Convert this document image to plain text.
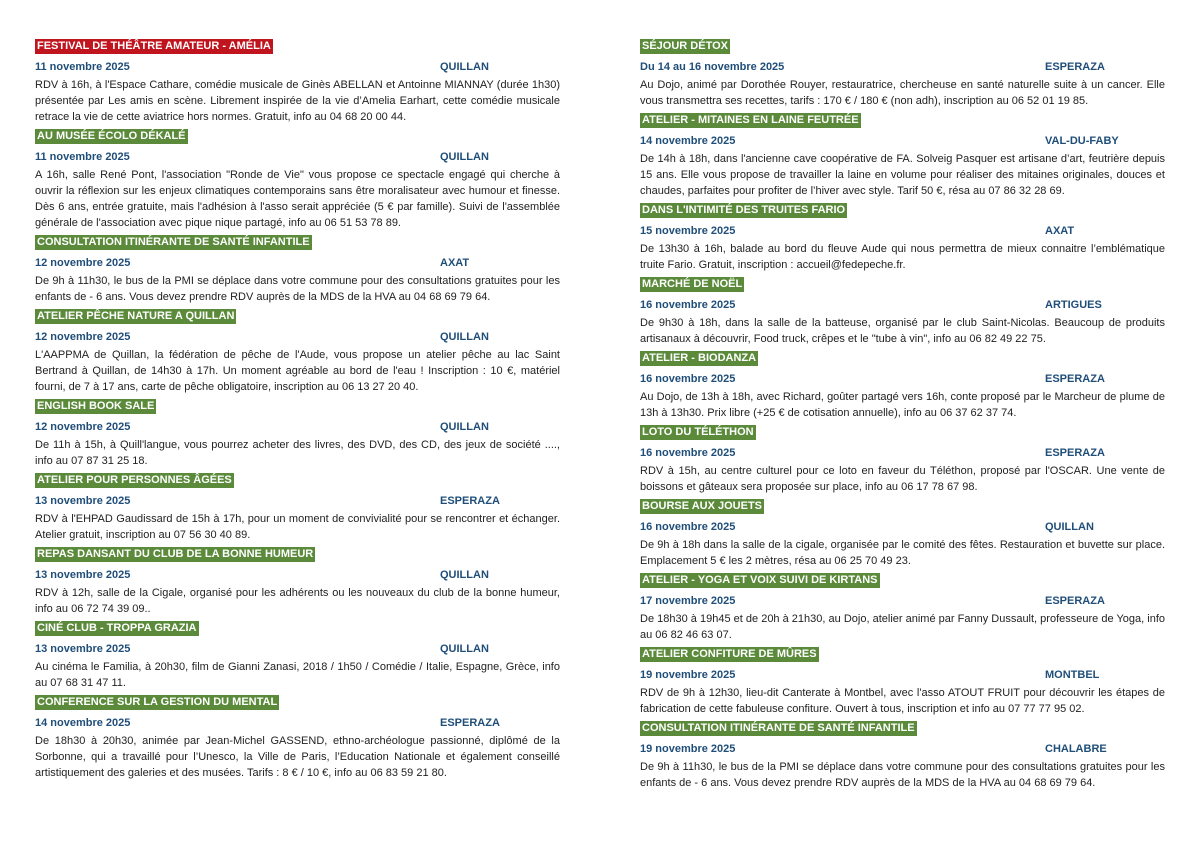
FESTIVAL DE THÉÂTRE AMATEUR - AMÉLIA
11 novembre 2025	QUILLAN

RDV à 16h, à l'Espace Cathare, comédie musicale de Ginès ABELLAN et Antoinne MIANNAY (durée 1h30) présentée par Les amis en scène. Librement inspirée de la vie d’Amelia Earhart, cette comédie musicale retrace la vie de cette aviatrice hors normes. Gratuit, info au 04 68 20 00 44.

AU MUSÉE ÉCOLO DÉKALÉ
11 novembre 2025	QUILLAN

A 16h, salle René Pont, l'association "Ronde de Vie" vous propose ce spectacle engagé qui cherche à ouvrir la réflexion sur les enjeux climatiques contemporains sans être moralisateur avec humour et finesse. Dès 6 ans, entrée gratuite, mais l'adhésion à l'asso serait appréciée (5 € par famille). Suivi de l'assemblée générale de l'association avec pique nique partagé, info au 06 51 53 78 89.

CONSULTATION ITINÉRANTE DE SANTÉ INFANTILE
12 novembre 2025	AXAT

De 9h à 11h30, le bus de la PMI se déplace dans votre commune pour des consultations gratuites pour les enfants de - 6 ans. Vous devez prendre RDV auprès de la MDS de la HVA au 04 68 69 79 64.

ATELIER PÊCHE NATURE A QUILLAN
12 novembre 2025	QUILLAN

L'AAPPMA de Quillan, la fédération de pêche de l'Aude, vous propose un atelier pêche au lac Saint Bertrand à Quillan, de 14h30 à 17h. Un moment agréable au bord de l'eau ! Inscription : 10 €, matériel fourni, de 7 à 17 ans, carte de pêche obligatoire, inscription au 06 13 27 20 40.

ENGLISH BOOK SALE
12 novembre 2025	QUILLAN

De 11h à 15h, à Quill'langue, vous pourrez acheter des livres, des DVD, des CD, des jeux de société ...., info au 07 87 31 25 18.

ATELIER POUR PERSONNES ÂGÉES
13 novembre 2025	ESPERAZA

RDV à l'EHPAD Gaudissard de 15h à 17h, pour un moment de convivialité pour se rencontrer et échanger. Atelier gratuit, inscription au 07 56 30 40 89.

REPAS DANSANT DU CLUB DE LA BONNE HUMEUR
13 novembre 2025	QUILLAN

RDV à 12h, salle de la Cigale, organisé pour les adhérents ou les nouveaux du club de la bonne humeur, info au 06 72 74 39 09..

CINÉ CLUB - TROPPA GRAZIA
13 novembre 2025	QUILLAN

Au cinéma le Familia, à 20h30, film de Gianni Zanasi, 2018 / 1h50 / Comédie / Italie, Espagne, Grèce, info au 07 68 31 47 11.

CONFERENCE SUR LA GESTION DU MENTAL
14 novembre 2025	ESPERAZA

De 18h30 à 20h30, animée par Jean-Michel GASSEND, ethno-archéologue passionné, diplômé de la Sorbonne, qui a travaillé pour l’Unesco, la Ville de Paris, l’Education Nationale et également conseillé artistiquement des galeries et des musées. Tarifs : 8 € / 10 €, info au 06 83 59 21 80.

SÉJOUR DÉTOX
Du 14 au 16 novembre 2025	ESPERAZA

Au Dojo, animé par Dorothée Rouyer, restauratrice, chercheuse en santé naturelle suite à un cancer. Elle vous transmettra ses recettes, tarifs : 170 € / 180 € (non adh), inscription au 06 52 01 19 85.

ATELIER - MITAINES EN LAINE FEUTRÉE
14 novembre 2025	VAL-DU-FABY

De 14h à 18h, dans l'ancienne cave coopérative de FA. Solveig Pasquer est artisane d’art, feutrière depuis 15 ans. Elle vous propose de travailler la laine en volume pour réaliser des mitaines originales, douces et chaudes, parfaites pour profiter de l’hiver avec style. Tarif 50 €, résa au 07 86 32 28 69.

DANS L'INTIMITÉ DES TRUITES FARIO
15 novembre 2025	AXAT

De 13h30 à 16h, balade au bord du fleuve Aude qui nous permettra de mieux connaitre l’emblématique truite Fario. Gratuit, inscription : accueil@fedepeche.fr.

MARCHÉ DE NOËL
16 novembre 2025	ARTIGUES

De 9h30 à 18h, dans la salle de la batteuse, organisé par le club Saint-Nicolas. Beaucoup de produits artisanaux à découvrir, Food truck, crêpes et le "tube à vin", info au 06 82 49 22 75.

ATELIER - BIODANZA
16 novembre 2025	ESPERAZA

Au Dojo, de 13h à 18h, avec Richard, goûter partagé vers 16h, conte proposé par le Marcheur de plume de 13h à 13h30. Prix libre (+25 € de cotisation annuelle), info au 06 37 62 37 74.

LOTO DU TÉLÉTHON
16 novembre 2025	ESPERAZA

RDV à 15h, au centre culturel pour ce loto en faveur du Téléthon, proposé par l'OSCAR. Une vente de boissons et gâteaux sera proposée sur place, info au 06 17 78 67 98.

BOURSE AUX JOUETS
16 novembre 2025	QUILLAN

De 9h à 18h dans la salle de la cigale, organisée par le comité des fêtes. Restauration et buvette sur place. Emplacement 5 € les 2 mètres, résa au 06 25 70 49 23.

ATELIER - YOGA ET VOIX SUIVI DE KIRTANS
17 novembre 2025	ESPERAZA

De 18h30 à 19h45 et de 20h à 21h30, au Dojo, atelier animé par Fanny Dussault, professeure de Yoga, info au 06 82 46 63 07.

ATELIER CONFITURE DE MÛRES
19 novembre 2025	MONTBEL

RDV de 9h à 12h30, lieu-dit Canterate à Montbel, avec l'asso ATOUT FRUIT pour découvrir les étapes de fabrication de cette fabuleuse confiture. Ouvert à tous, inscription et info au 07 77 77 95 02.

CONSULTATION ITINÉRANTE DE SANTÉ INFANTILE
19 novembre 2025	CHALABRE

De 9h à 11h30, le bus de la PMI se déplace dans votre commune pour des consultations gratuites pour les enfants de - 6 ans. Vous devez prendre RDV auprès de la MDS de la HVA au 04 68 69 79 64.
